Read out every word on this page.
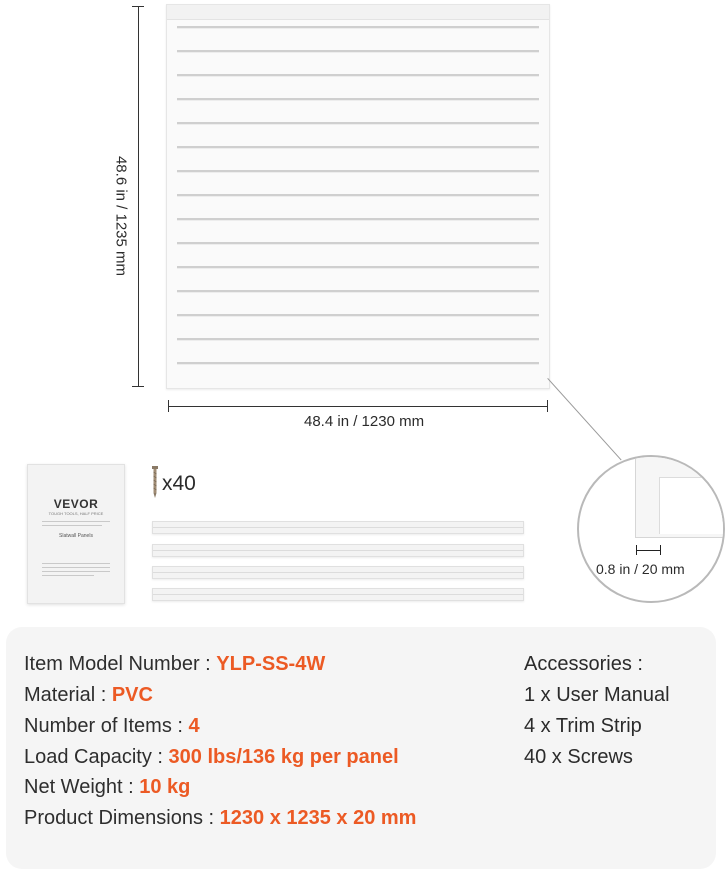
48.6 in / 1235 mm
48.4 in / 1230 mm
0.8 in / 20 mm
VEVOR
TOUGH TOOLS, HALF PRICE
Slatwall Panels
x40
Item Model Number : YLP-SS-4W
Material : PVC
Number of Items : 4
Load Capacity : 300 lbs/136 kg per panel
Net Weight : 10 kg
Product Dimensions : 1230 x 1235 x 20 mm
Accessories :
1 x User Manual
4 x Trim Strip
40 x Screws
